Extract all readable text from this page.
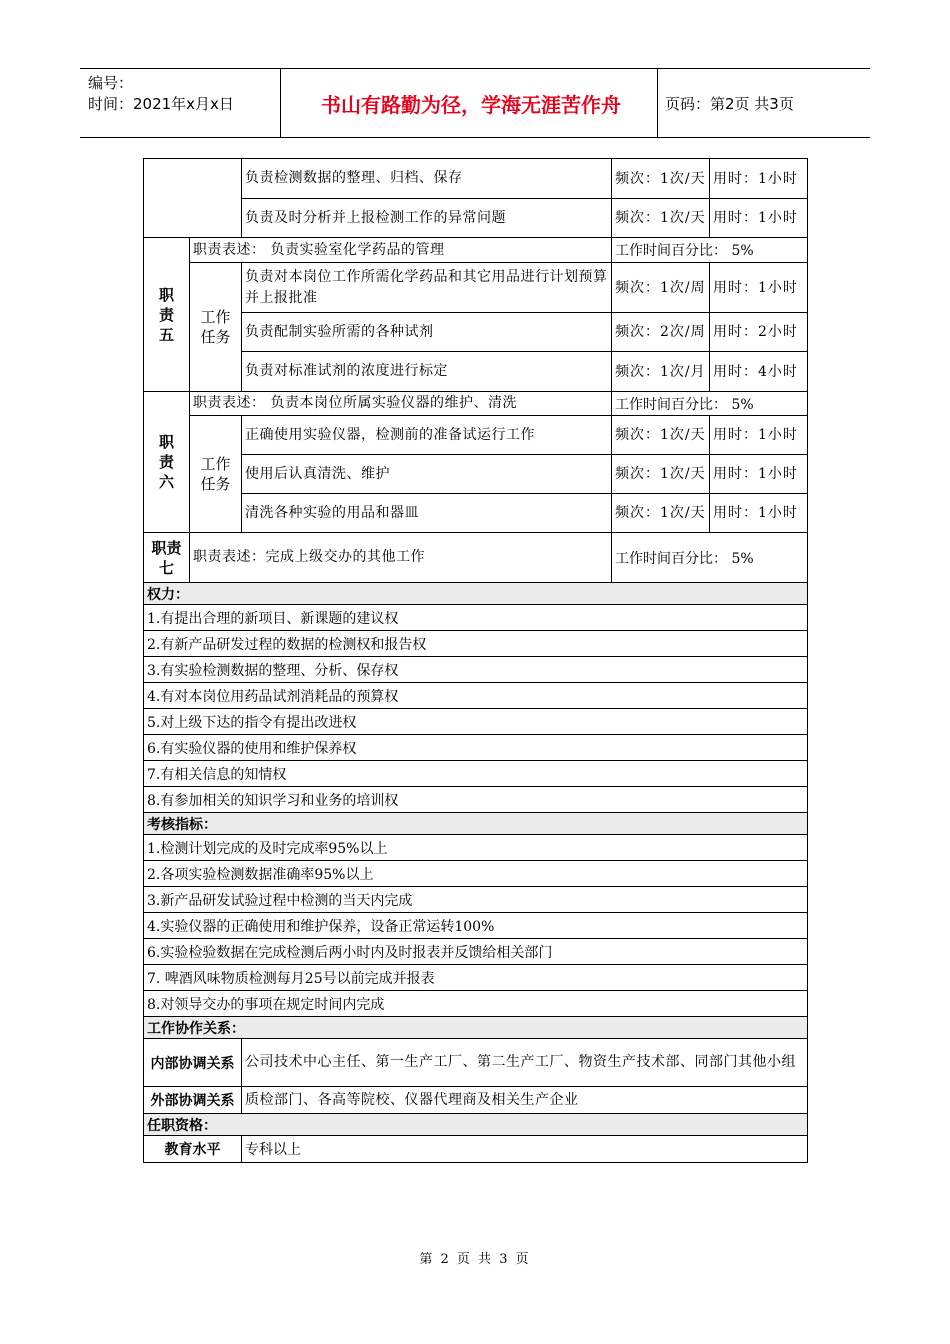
编号：
时间：2021年x月x日	书山有路勤为径，学海无涯苦作舟	页码：第2页 共3页
		负责检测数据的整理、归档、保存	频次：1次/天	用时：1小时
		负责及时分析并上报检测工作的异常问题	频次：1次/天	用时：1小时
职责五	职责表述： 负责实验室化学药品的管理		工作时间百分比： 5%	
	工作任务	负责对本岗位工作所需化学药品和其它用品进行计划预算并上报批准	频次：1次/周	用时：1小时
		负责配制实验所需的各种试剂	频次：2次/周	用时：2小时
		负责对标准试剂的浓度进行标定	频次：1次/月	用时：4小时
职责六	职责表述： 负责本岗位所属实验仪器的维护、清洗		工作时间百分比： 5%	
	工作任务	正确使用实验仪器，检测前的准备试运行工作	频次：1次/天	用时：1小时
		使用后认真清洗、维护	频次：1次/天	用时：1小时
		清洗各种实验的用品和器皿	频次：1次/天	用时：1小时
职责七	职责表述：完成上级交办的其他工作		工作时间百分比： 5%	
权力：				
1.有提出合理的新项目、新课题的建议权				
2.有新产品研发过程的数据的检测权和报告权				
3.有实验检测数据的整理、分析、保存权				
4.有对本岗位用药品试剂消耗品的预算权				
5.对上级下达的指令有提出改进权				
6.有实验仪器的使用和维护保养权				
7.有相关信息的知情权				
8.有参加相关的知识学习和业务的培训权				
考核指标：				
1.检测计划完成的及时完成率95%以上				
2.各项实验检测数据准确率95%以上				
3.新产品研发试验过程中检测的当天内完成				
4.实验仪器的正确使用和维护保养，设备正常运转100%				
6.实验检验数据在完成检测后两小时内及时报表并反馈给相关部门				
7. 啤酒风味物质检测每月25号以前完成并报表				
8.对领导交办的事项在规定时间内完成				
工作协作关系：				
内部协调关系		公司技术中心主任、第一生产工厂、第二生产工厂、物资生产技术部、同部门其他小组		
外部协调关系		质检部门、各高等院校、仪器代理商及相关生产企业		
任职资格：				
教育水平		专科以上		
第 2 页 共 3 页
